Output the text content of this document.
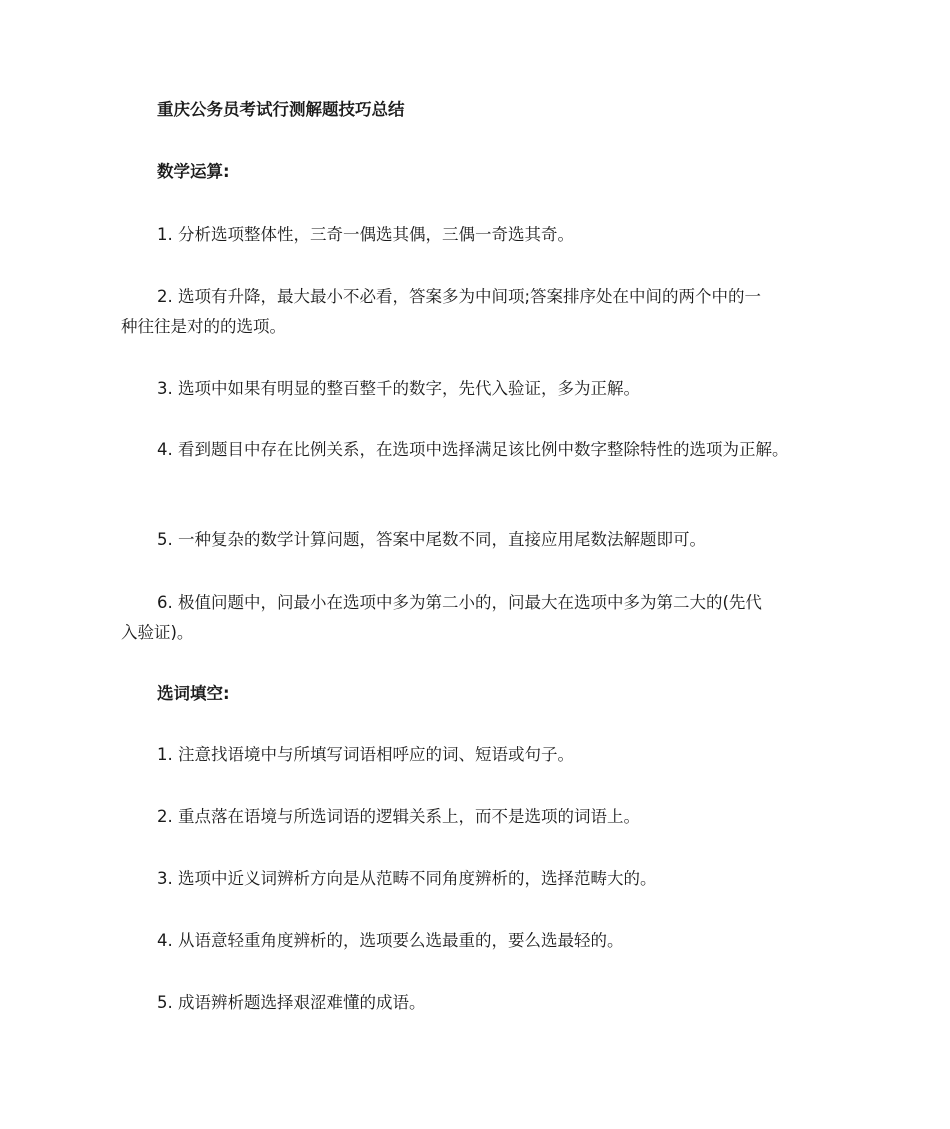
重庆公务员考试行测解题技巧总结
数学运算:
1. 分析选项整体性，三奇一偶选其偶，三偶一奇选其奇。
2. 选项有升降，最大最小不必看，答案多为中间项;答案排序处在中间的两个中的一
种往往是对的的选项。
3. 选项中如果有明显的整百整千的数字，先代入验证，多为正解。
4. 看到题目中存在比例关系，在选项中选择满足该比例中数字整除特性的选项为正解。
5. 一种复杂的数学计算问题，答案中尾数不同，直接应用尾数法解题即可。
6. 极值问题中，问最小在选项中多为第二小的，问最大在选项中多为第二大的(先代
入验证)。
选词填空:
1. 注意找语境中与所填写词语相呼应的词、短语或句子。
2. 重点落在语境与所选词语的逻辑关系上，而不是选项的词语上。
3. 选项中近义词辨析方向是从范畴不同角度辨析的，选择范畴大的。
4. 从语意轻重角度辨析的，选项要么选最重的，要么选最轻的。
5. 成语辨析题选择艰涩难懂的成语。
